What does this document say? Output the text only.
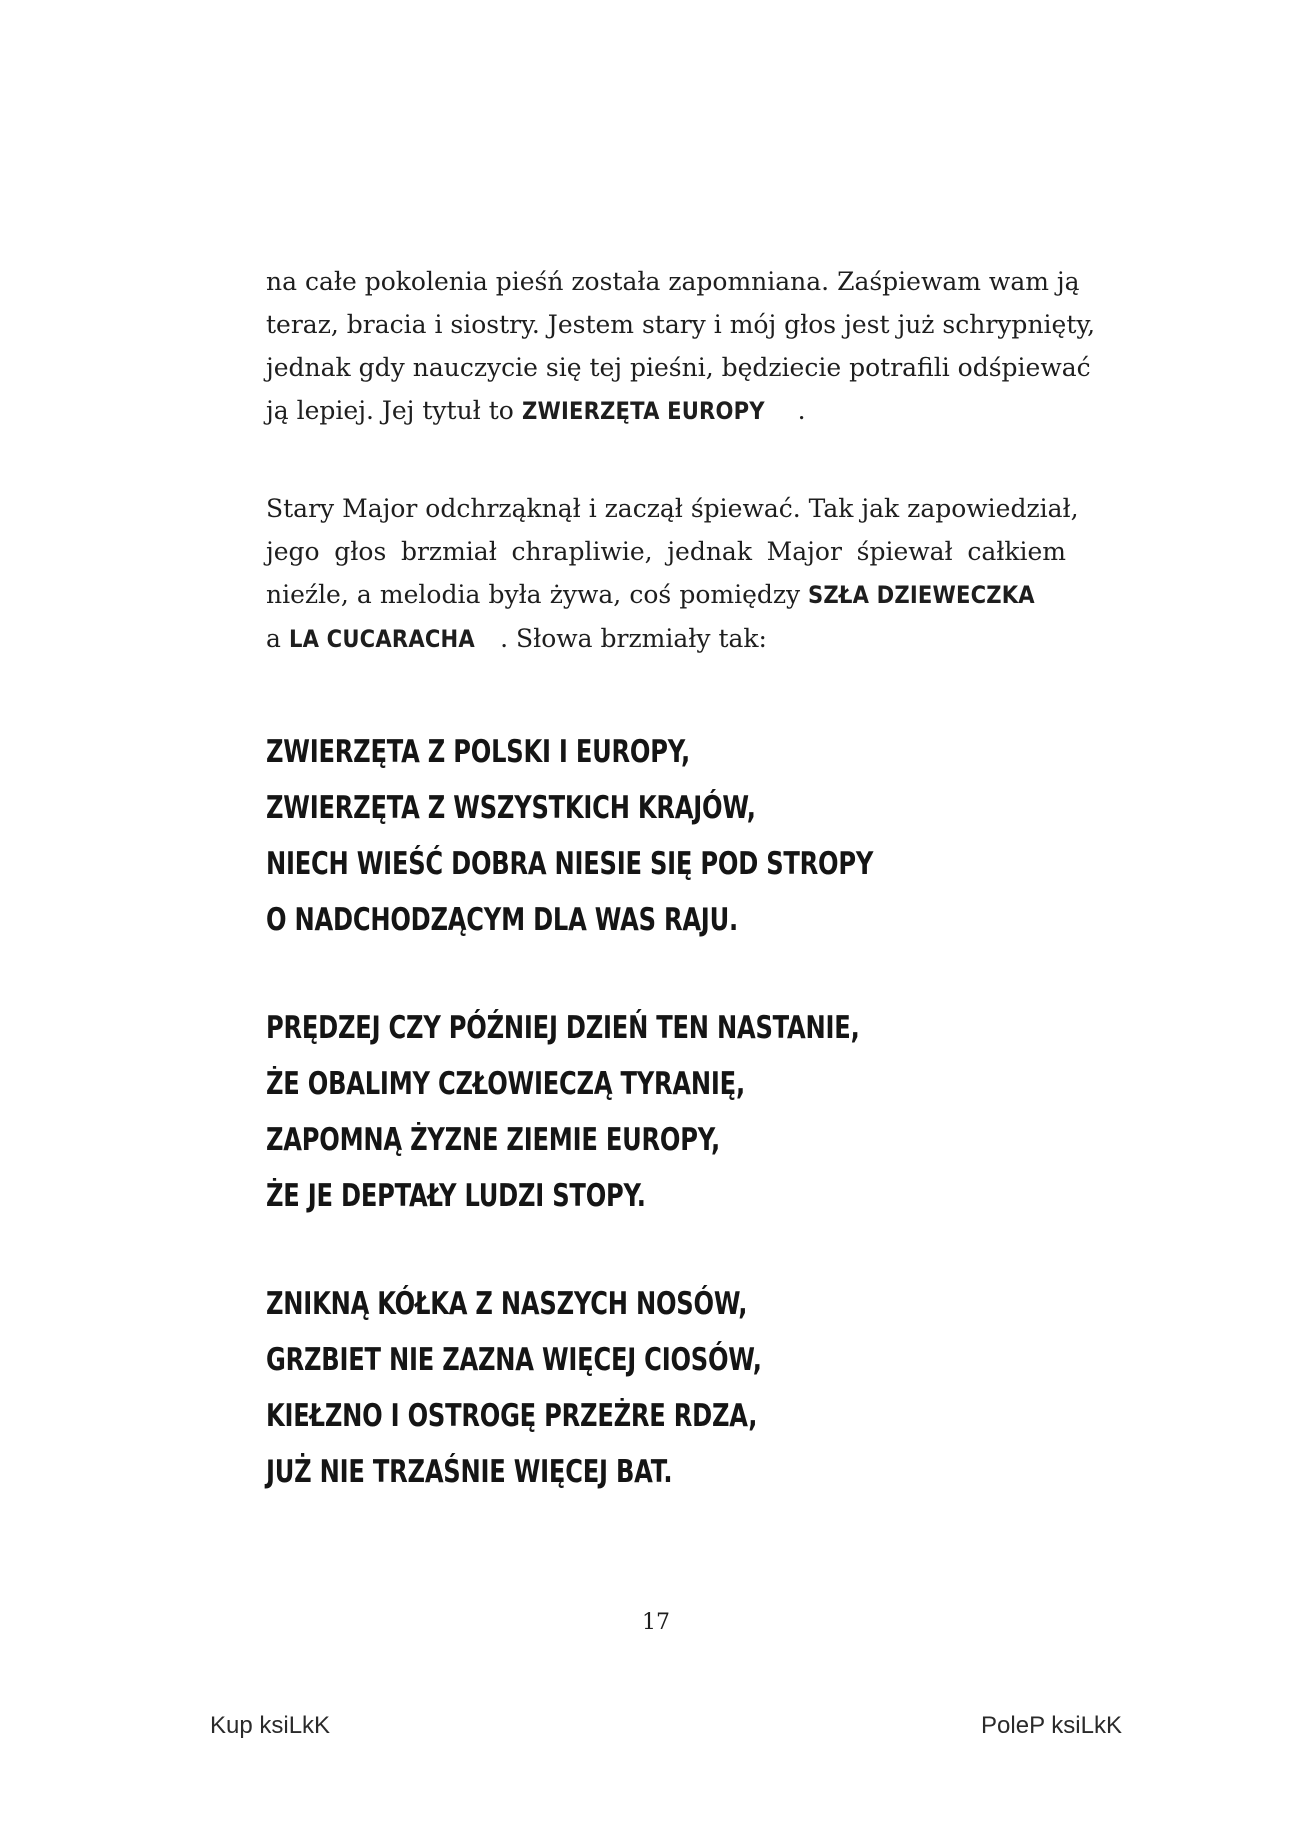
na całe pokolenia pieśń została zapomniana. Zaśpiewam wam ją
teraz, bracia i siostry. Jestem stary i mój głos jest już schrypnięty,
jednak gdy nauczycie się tej pieśni, będziecie potrafili odśpiewać
ją lepiej. Jej tytuł to ZWIERZĘTA EUROPY .
Stary Major odchrząknął i zaczął śpiewać. Tak jak zapowiedział,
jego głos brzmiał chrapliwie, jednak Major śpiewał całkiem
nieźle, a melodia była żywa, coś pomiędzy SZŁA DZIEWECZKA
a LA CUCARACHA . Słowa brzmiały tak:
ZWIERZĘTA Z POLSKI I EUROPY,
ZWIERZĘTA Z WSZYSTKICH KRAJÓW,
NIECH WIEŚĆ DOBRA NIESIE SIĘ POD STROPY
O NADCHODZĄCYM DLA WAS RAJU.
PRĘDZEJ CZY PÓŹNIEJ DZIEŃ TEN NASTANIE,
ŻE OBALIMY CZŁOWIECZĄ TYRANIĘ,
ZAPOMNĄ ŻYZNE ZIEMIE EUROPY,
ŻE JE DEPTAŁY LUDZI STOPY.
ZNIKNĄ KÓŁKA Z NASZYCH NOSÓW,
GRZBIET NIE ZAZNA WIĘCEJ CIOSÓW,
KIEŁZNO I OSTROGĘ PRZEŻRE RDZA,
JUŻ NIE TRZAŚNIE WIĘCEJ BAT.
17
Kup ksiLkK	PoleP ksiLkK
